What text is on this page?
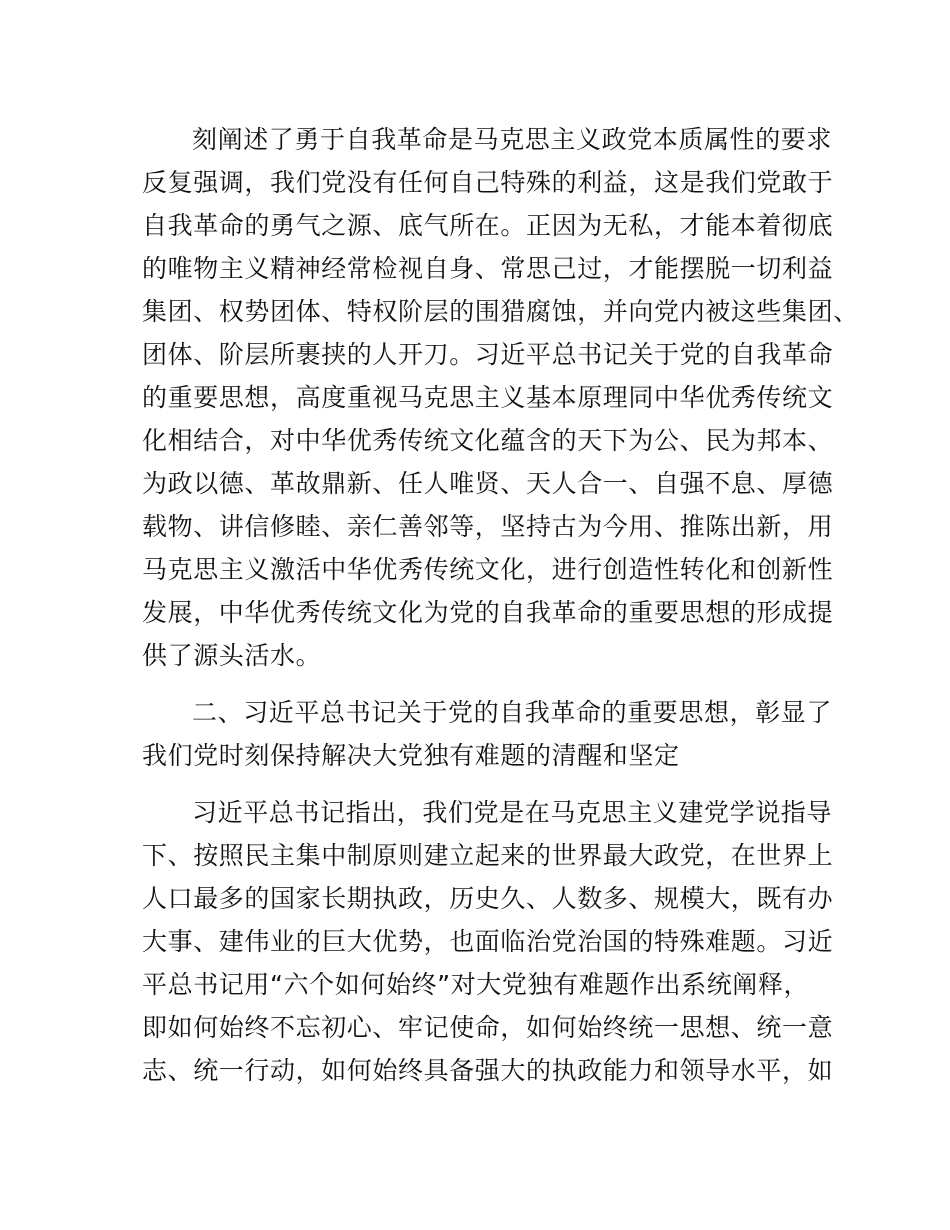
刻阐述了勇于自我革命是马克思主义政党本质属性的要求
反复强调，我们党没有任何自己特殊的利益，这是我们党敢于
自我革命的勇气之源、底气所在。正因为无私，才能本着彻底
的唯物主义精神经常检视自身、常思己过，才能摆脱一切利益
集团、权势团体、特权阶层的围猎腐蚀，并向党内被这些集团、
团体、阶层所裹挟的人开刀。习近平总书记关于党的自我革命
的重要思想，高度重视马克思主义基本原理同中华优秀传统文
化相结合，对中华优秀传统文化蕴含的天下为公、民为邦本、
为政以德、革故鼎新、任人唯贤、天人合一、自强不息、厚德
载物、讲信修睦、亲仁善邻等，坚持古为今用、推陈出新，用
马克思主义激活中华优秀传统文化，进行创造性转化和创新性
发展，中华优秀传统文化为党的自我革命的重要思想的形成提
供了源头活水。
二、习近平总书记关于党的自我革命的重要思想，彰显了
我们党时刻保持解决大党独有难题的清醒和坚定
习近平总书记指出，我们党是在马克思主义建党学说指导
下、按照民主集中制原则建立起来的世界最大政党，在世界上
人口最多的国家长期执政，历史久、人数多、规模大，既有办
大事、建伟业的巨大优势，也面临治党治国的特殊难题。习近
平总书记用“六个如何始终”对大党独有难题作出系统阐释，
即如何始终不忘初心、牢记使命，如何始终统一思想、统一意
志、统一行动，如何始终具备强大的执政能力和领导水平，如
